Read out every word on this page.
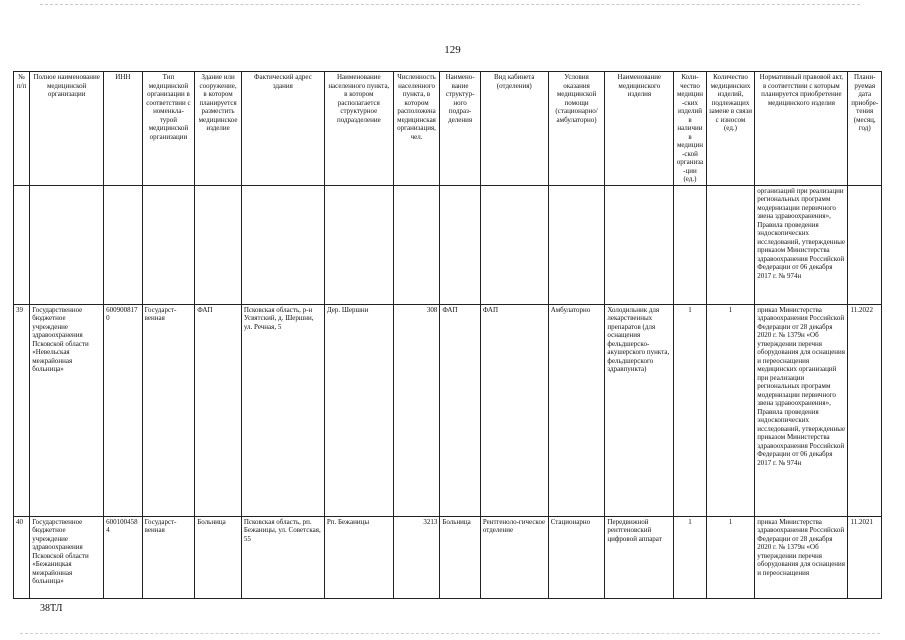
129
№ п/п	Полное наименование медицинской организации	ИНН	Тип медицинской организации в соответствии с номенкла-турой медицинской организации	Здание или сооружение, в котором планируется разместить медицинское изделие	Фактический адрес здания	Наименование населенного пункта, в котором располагается структурное подразделение	Численность населенного пункта, в котором расположена медицинская организация, чел.	Наимено-вание структур-ного подраз-деления	Вид кабинета (отделения)	Условия оказания медицинской помощи (стационарно/ амбулаторно)	Наименование медицинского изделия	Коли-чество медицин-ских изделий в наличии в медицин-ской организа-ции (ед.)	Количество медицинских изделий, подлежащих замене в связи с износом (ед.)	Нормативный правовой акт, в соответствии с которым планируется приобретение медицинского изделия	Плани-руемая дата приобре-тения (месяц, год)
														организаций при реализации региональных программ модернизации первичного звена здравоохранения», Правила проведения эндоскопических исследований, утвержденные приказом Министерства здравоохранения Российской Федерации от 06 декабря 2017 г. № 974н	
39	Государственное бюджетное учреждение здравоохранения Псковской области «Невельская межрайонная больница»	6009008170	Государст-венная	ФАП	Псковская область, р-н Усвятский, д. Шершни, ул. Речная, 5	Дер. Шершни	308	ФАП	ФАП	Амбулаторно	Холодильник для лекарственных препаратов (для оснащения фельдшерско-акушерского пункта, фельдшерского здравпункта)	1	1	приказ Министерства здравоохранения Российской Федерации от 28 декабря 2020 г. № 1379н «Об утверждении перечня оборудования для оснащения и переоснащения медицинских организаций при реализации региональных программ модернизации первичного звена здравоохранения», Правила проведения эндоскопических исследований, утвержденные приказом Министерства здравоохранения Российской Федерации от 06 декабря 2017 г. № 974н	11.2022
40	Государственное бюджетное учреждение здравоохранения Псковской области «Бежаницкая межрайонная больница»	6001004584	Государст-венная	Больница	Псковская область, рп. Бежаницы, ул. Советская, 55	Рп. Бежаницы	3213	Больница	Рентгеноло-гическое отделение	Стационарно	Передвижной рентгеновский цифровой аппарат	1	1	приказ Министерства здравоохранения Российской Федерации от 28 декабря 2020 г. № 1379н «Об утверждении перечня оборудования для оснащения и переоснащения	11.2021
38ТЛ
